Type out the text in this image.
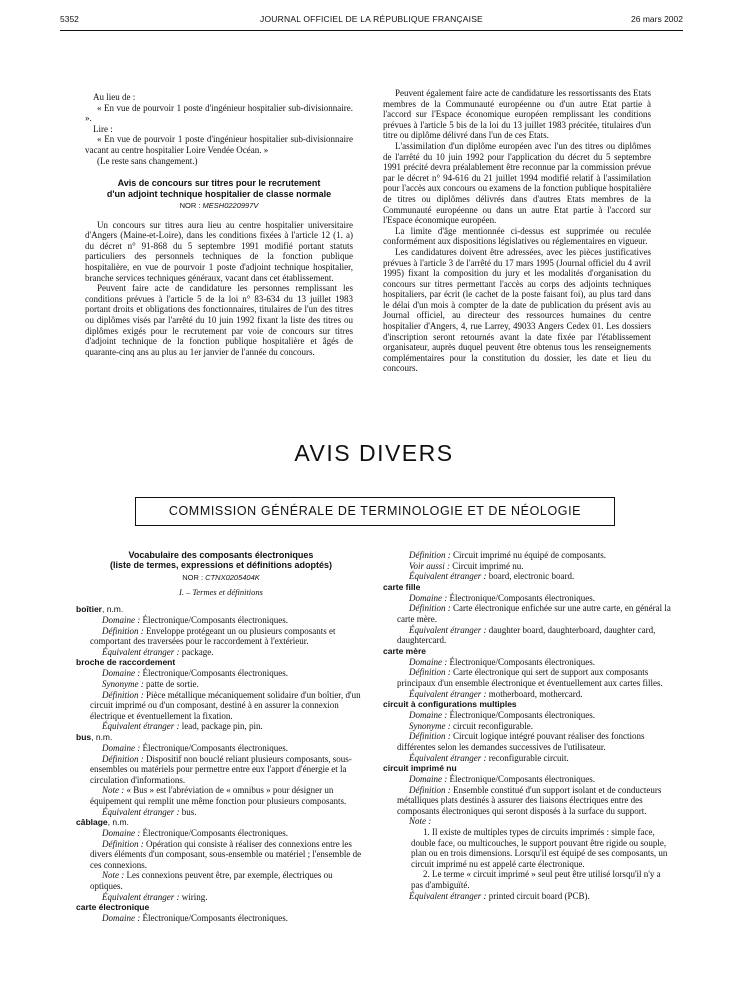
5352	JOURNAL OFFICIEL DE LA RÉPUBLIQUE FRANÇAISE	26 mars 2002

Au lieu de :

« En vue de pourvoir 1 poste d'ingénieur hospitalier sub-divisionnaire. ».

Lire :

« En vue de pourvoir 1 poste d'ingénieur hospitalier sub-divisionnaire vacant au centre hospitalier Loire Vendée Océan. »

(Le reste sans changement.)

Avis de concours sur titres pour le recrutement
d'un adjoint technique hospitalier de classe normale
NOR : MESH0220997V

Un concours sur titres aura lieu au centre hospitalier universitaire d'Angers (Maine-et-Loire), dans les conditions fixées à l'article 12 (1. a) du décret n° 91-868 du 5 septembre 1991 modifié portant statuts particuliers des personnels techniques de la fonction publique hospitalière, en vue de pourvoir 1 poste d'adjoint technique hospitalier, branche services techniques généraux, vacant dans cet établissement.

Peuvent faire acte de candidature les personnes remplissant les conditions prévues à l'article 5 de la loi n° 83-634 du 13 juillet 1983 portant droits et obligations des fonctionnaires, titulaires de l'un des titres ou diplômes visés par l'arrêté du 10 juin 1992 fixant la liste des titres ou diplômes exigés pour le recrutement par voie de concours sur titres d'adjoint technique de la fonction publique hospitalière et âgés de quarante-cinq ans au plus au 1er janvier de l'année du concours.

Peuvent également faire acte de candidature les ressortissants des Etats membres de la Communauté européenne ou d'un autre Etat partie à l'accord sur l'Espace économique européen remplissant les conditions prévues à l'article 5 bis de la loi du 13 juillet 1983 précitée, titulaires d'un titre ou diplôme délivré dans l'un de ces Etats.

L'assimilation d'un diplôme européen avec l'un des titres ou diplômes de l'arrêté du 10 juin 1992 pour l'application du décret du 5 septembre 1991 précité devra préalablement être reconnue par la commission prévue par le décret n° 94-616 du 21 juillet 1994 modifié relatif à l'assimilation pour l'accès aux concours ou examens de la fonction publique hospitalière de titres ou diplômes délivrés dans d'autres Etats membres de la Communauté européenne ou dans un autre Etat partie à l'accord sur l'Espace économique européen.

La limite d'âge mentionnée ci-dessus est supprimée ou reculée conformément aux dispositions législatives ou réglementaires en vigueur.

Les candidatures doivent être adressées, avec les pièces justificatives prévues à l'article 3 de l'arrêté du 17 mars 1995 (Journal officiel du 4 avril 1995) fixant la composition du jury et les modalités d'organisation du concours sur titres permettant l'accès au corps des adjoints techniques hospitaliers, par écrit (le cachet de la poste faisant foi), au plus tard dans le délai d'un mois à compter de la date de publication du présent avis au Journal officiel, au directeur des ressources humaines du centre hospitalier d'Angers, 4, rue Larrey, 49033 Angers Cedex 01. Les dossiers d'inscription seront retournés avant la date fixée par l'établissement organisateur, auprès duquel peuvent être obtenus tous les renseignements complémentaires pour la constitution du dossier, les date et lieu du concours.

AVIS DIVERS
COMMISSION GÉNÉRALE DE TERMINOLOGIE ET DE NÉOLOGIE
Vocabulaire des composants électroniques
(liste de termes, expressions et définitions adoptés)
NOR : CTNX0205404K

I. – Termes et définitions

boîtier, n.m.

Domaine : Électronique/Composants électroniques.

Définition : Enveloppe protégeant un ou plusieurs composants et comportant des traversées pour le raccordement à l'extérieur.

Équivalent étranger : package.

broche de raccordement

Domaine : Électronique/Composants électroniques.

Synonyme : patte de sortie.

Définition : Pièce métallique mécaniquement solidaire d'un boîtier, d'un circuit imprimé ou d'un composant, destiné à en assurer la connexion électrique et éventuellement la fixation.

Équivalent étranger : lead, package pin, pin.

bus, n.m.

Domaine : Électronique/Composants électroniques.

Définition : Dispositif non bouclé reliant plusieurs composants, sous-ensembles ou matériels pour permettre entre eux l'apport d'énergie et la circulation d'informations.

Note : « Bus » est l'abréviation de « omnibus » pour désigner un équipement qui remplit une même fonction pour plusieurs composants.

Équivalent étranger : bus.

câblage, n.m.

Domaine : Électronique/Composants électroniques.

Définition : Opération qui consiste à réaliser des connexions entre les divers éléments d'un composant, sous-ensemble ou matériel ; l'ensemble de ces connexions.

Note : Les connexions peuvent être, par exemple, électriques ou optiques.

Équivalent étranger : wiring.

carte électronique

Domaine : Électronique/Composants électroniques.

Définition : Circuit imprimé nu équipé de composants.

Voir aussi : Circuit imprimé nu.

Équivalent étranger : board, electronic board.

carte fille

Domaine : Électronique/Composants électroniques.

Définition : Carte électronique enfichée sur une autre carte, en général la carte mère.

Équivalent étranger : daughter board, daughterboard, daughter card, daughtercard.

carte mère

Domaine : Électronique/Composants électroniques.

Définition : Carte électronique qui sert de support aux composants principaux d'un ensemble électronique et éventuellement aux cartes filles.

Équivalent étranger : motherboard, mothercard.

circuit à configurations multiples

Domaine : Électronique/Composants électroniques.

Synonyme : circuit reconfigurable.

Définition : Circuit logique intégré pouvant réaliser des fonctions différentes selon les demandes successives de l'utilisateur.

Équivalent étranger : reconfigurable circuit.

circuit imprimé nu

Domaine : Électronique/Composants électroniques.

Définition : Ensemble constitué d'un support isolant et de conducteurs métalliques plats destinés à assurer des liaisons électriques entre des composants électroniques qui seront disposés à la surface du support.

Note :

1. Il existe de multiples types de circuits imprimés : simple face, double face, ou multicouches, le support pouvant être rigide ou souple, plan ou en trois dimensions. Lorsqu'il est équipé de ses composants, un circuit imprimé nu est appelé carte électronique.

2. Le terme « circuit imprimé » seul peut être utilisé lorsqu'il n'y a pas d'ambiguïté.

Équivalent étranger : printed circuit board (PCB).
